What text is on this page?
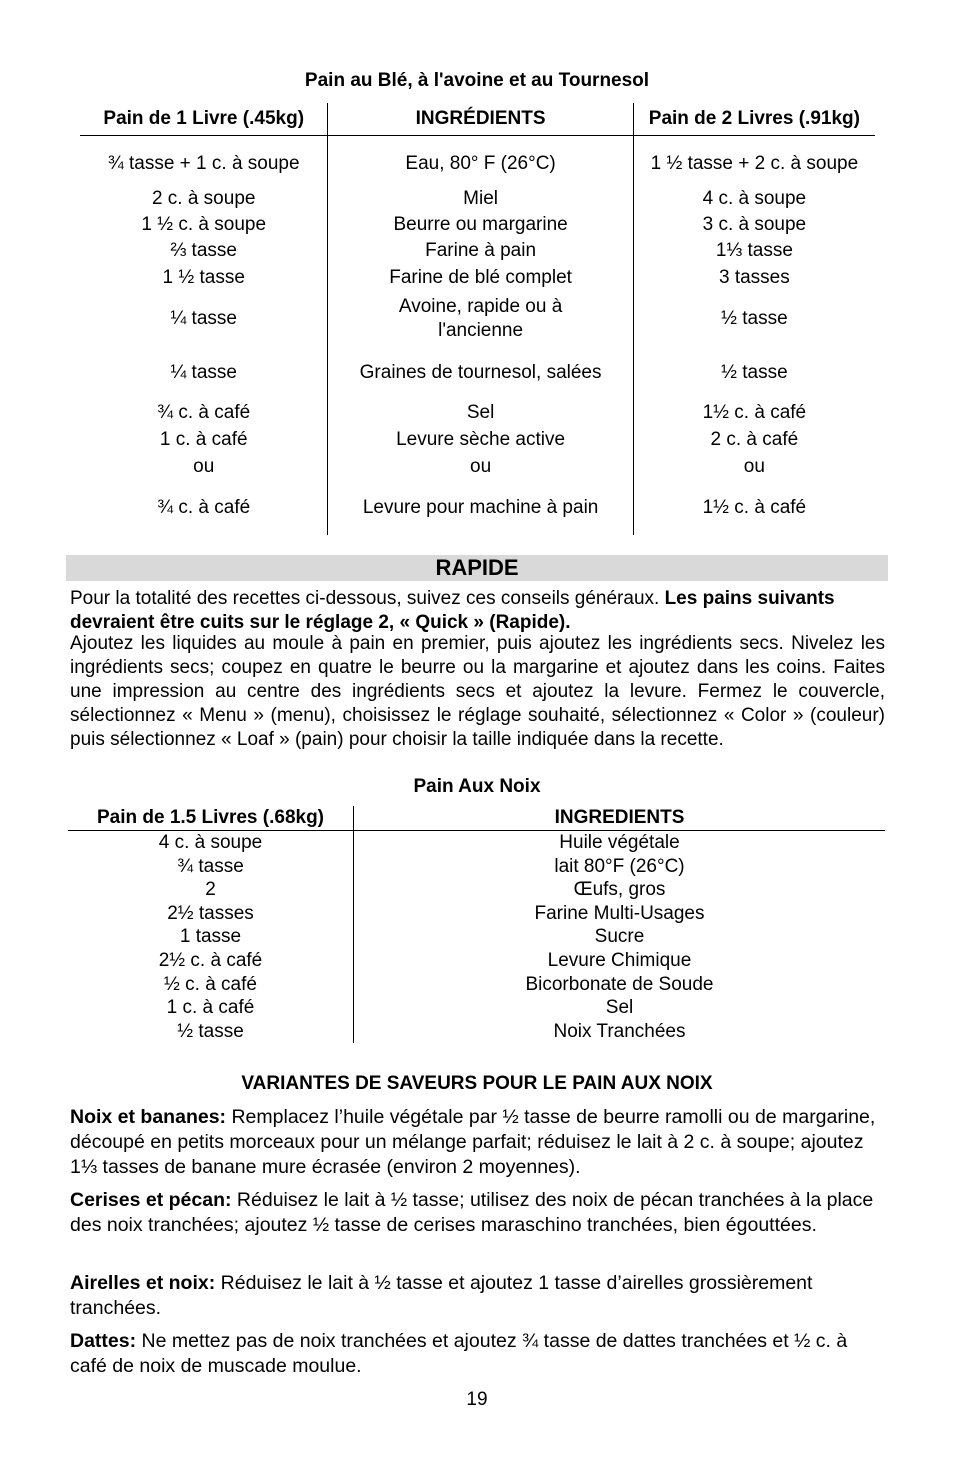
Pain au Blé, à l'avoine et au Tournesol
Pain de 1 Livre (.45kg)	INGRÉDIENTS	Pain de 2 Livres (.91kg)

¾ tasse + 1 c. à soupe	Eau, 80° F (26°C)	1 ½ tasse + 2 c. à soupe
2 c. à soupe	Miel	4 c. à soupe
1 ½ c. à soupe	Beurre ou margarine	3 c. à soupe
⅔ tasse	Farine à pain	1⅓ tasse
1 ½ tasse	Farine de blé complet	3 tasses
¼ tasse	Avoine, rapide ou à l'ancienne	½ tasse
¼ tasse	Graines de tournesol, salées	½ tasse
¾ c. à café	Sel	1½ c. à café
1 c. à café	Levure sèche active	2 c. à café
ou	ou	ou
¾ c. à café	Levure pour machine à pain	1½ c. à café
RAPIDE
Pour la totalité des recettes ci-dessous, suivez ces conseils généraux. Les pains suivants devraient être cuits sur le réglage 2, « Quick » (Rapide).
Ajoutez les liquides au moule à pain en premier, puis ajoutez les ingrédients secs. Nivelez les ingrédients secs; coupez en quatre le beurre ou la margarine et ajoutez dans les coins. Faites une impression au centre des ingrédients secs et ajoutez la levure. Fermez le couvercle, sélectionnez « Menu » (menu), choisissez le réglage souhaité, sélectionnez « Color » (couleur) puis sélectionnez « Loaf » (pain) pour choisir la taille indiquée dans la recette.
Pain Aux Noix
Pain de 1.5 Livres (.68kg)	INGREDIENTS
4 c. à soupe	Huile végétale
¾ tasse	lait 80°F (26°C)
2	Œufs, gros
2½ tasses	Farine Multi-Usages
1 tasse	Sucre
2½ c. à café	Levure Chimique
½ c. à café	Bicorbonate de Soude
1 c. à café	Sel
½ tasse	Noix Tranchées
VARIANTES DE SAVEURS POUR LE PAIN AUX NOIX
Noix et bananes: Remplacez l’huile végétale par ½ tasse de beurre ramolli ou de margarine, découpé en petits morceaux pour un mélange parfait; réduisez le lait à 2 c. à soupe; ajoutez 1⅓ tasses de banane mure écrasée (environ 2 moyennes).
Cerises et pécan: Réduisez le lait à ½ tasse; utilisez des noix de pécan tranchées à la place des noix tranchées; ajoutez ½ tasse de cerises maraschino tranchées, bien égouttées.
Airelles et noix: Réduisez le lait à ½ tasse et ajoutez 1 tasse d’airelles grossièrement tranchées.
Dattes: Ne mettez pas de noix tranchées et ajoutez ¾ tasse de dattes tranchées et ½ c. à café de noix de muscade moulue.
19
